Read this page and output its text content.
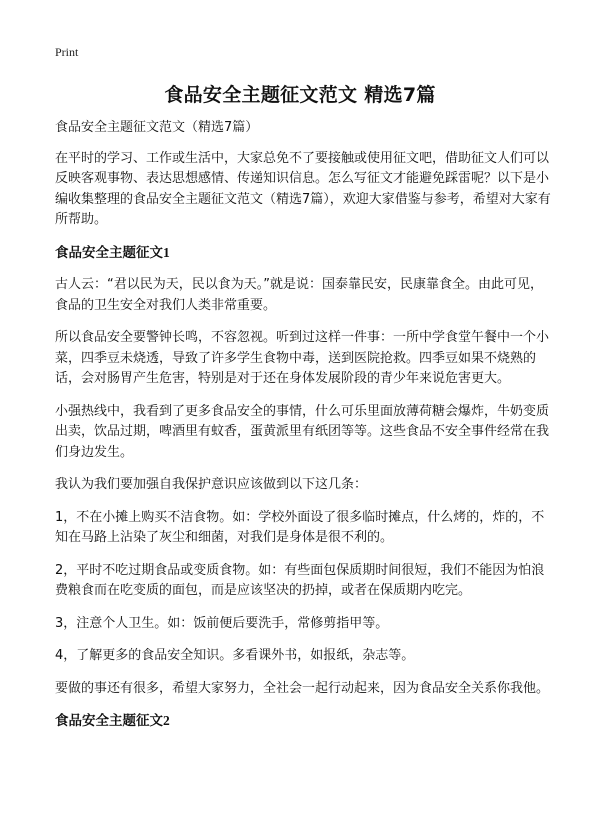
Print
食品安全主题征文范文 精选7篇

食品安全主题征文范文（精选7篇）

在平时的学习、工作或生活中，大家总免不了要接触或使用征文吧，借助征文人们可以反映客观事物、表达思想感情、传递知识信息。怎么写征文才能避免踩雷呢？以下是小编收集整理的食品安全主题征文范文（精选7篇），欢迎大家借鉴与参考，希望对大家有所帮助。

食品安全主题征文1

古人云：“君以民为天，民以食为天。”就是说：国泰靠民安，民康靠食全。由此可见，食品的卫生安全对我们人类非常重要。

所以食品安全要警钟长鸣，不容忽视。听到过这样一件事：一所中学食堂午餐中一个小菜，四季豆未烧透，导致了许多学生食物中毒，送到医院抢救。四季豆如果不烧熟的话，会对肠胃产生危害，特别是对于还在身体发展阶段的青少年来说危害更大。

小强热线中，我看到了更多食品安全的事情，什么可乐里面放薄荷糖会爆炸，牛奶变质出卖，饮品过期，啤酒里有蚊香，蛋黄派里有纸团等等。这些食品不安全事件经常在我们身边发生。

我认为我们要加强自我保护意识应该做到以下这几条：

1，不在小摊上购买不洁食物。如：学校外面设了很多临时摊点，什么烤的，炸的，不知在马路上沾染了灰尘和细菌，对我们是身体是很不利的。

2，平时不吃过期食品或变质食物。如：有些面包保质期时间很短，我们不能因为怕浪费粮食而在吃变质的面包，而是应该坚决的扔掉，或者在保质期内吃完。

3，注意个人卫生。如：饭前便后要洗手，常修剪指甲等。

4，了解更多的食品安全知识。多看课外书，如报纸，杂志等。

要做的事还有很多，希望大家努力，全社会一起行动起来，因为食品安全关系你我他。

食品安全主题征文2
